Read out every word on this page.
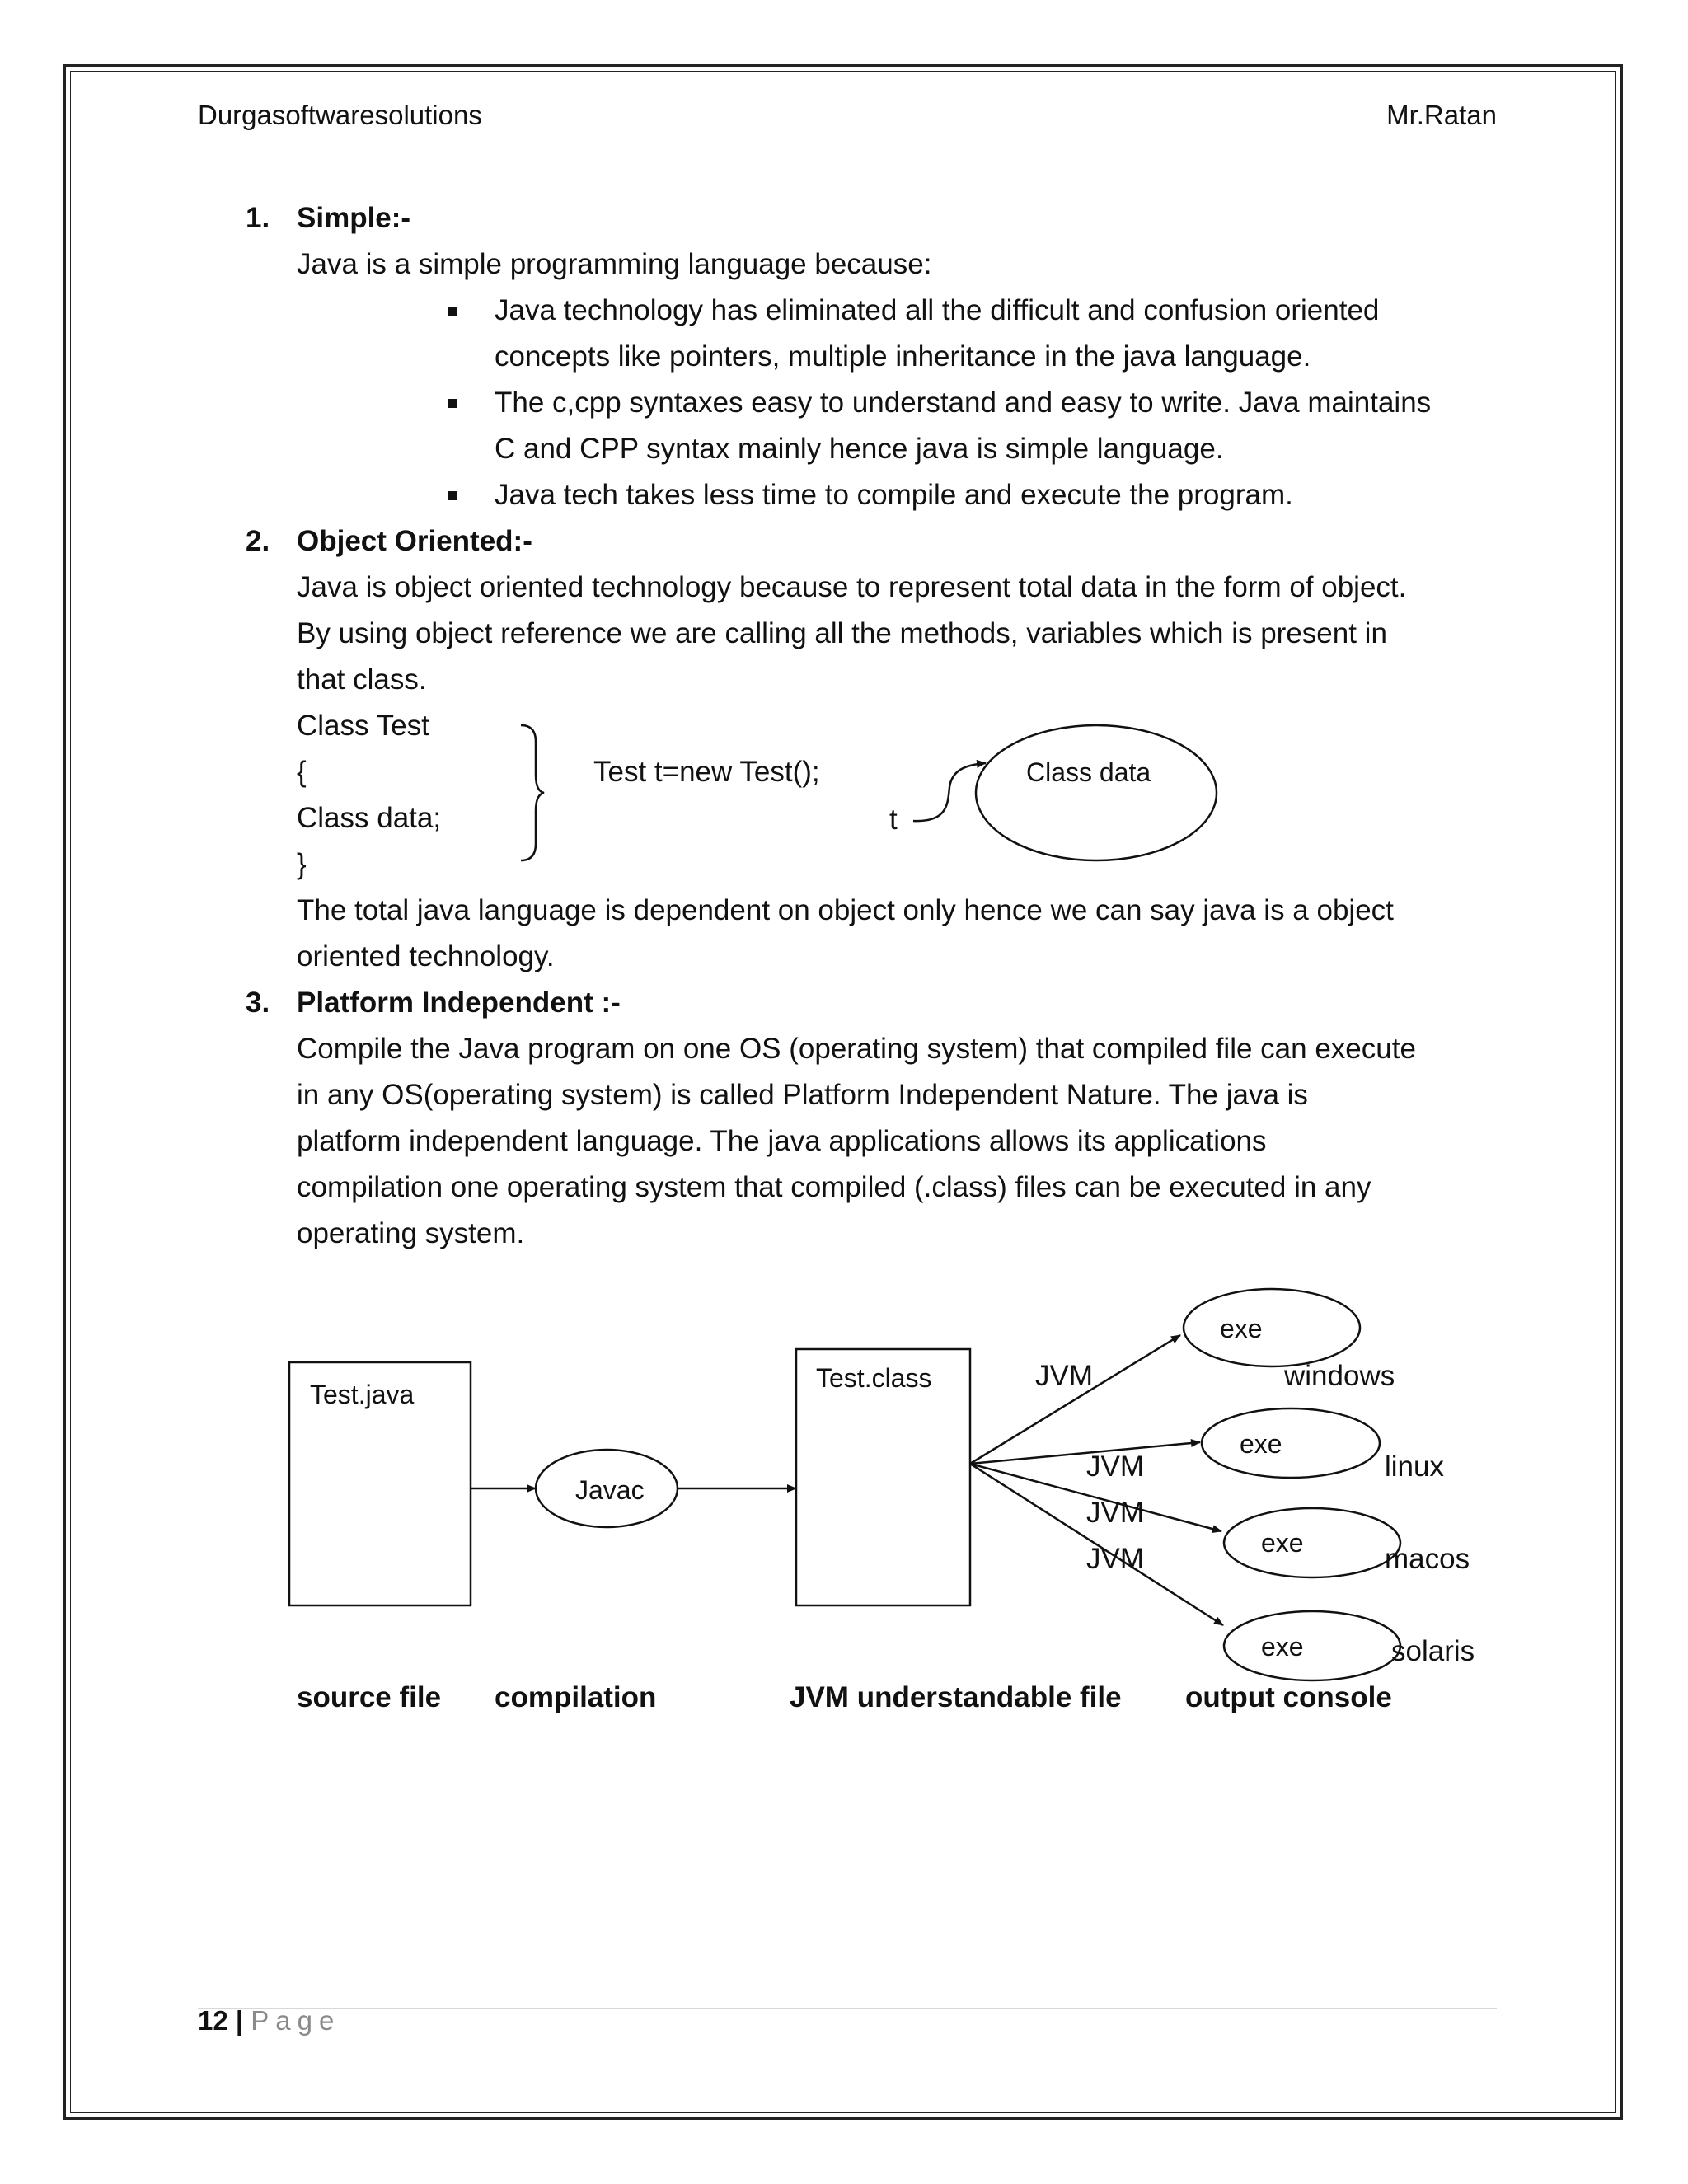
Durgasoftwaresolutions	Mr.Ratan
1. Simple:-
Java is a simple programming language because:
Java technology has eliminated all the difficult and confusion oriented
concepts like pointers, multiple inheritance in the java language.
The c,cpp syntaxes easy to understand and easy to write. Java maintains
C and CPP syntax mainly hence java is simple language.
Java tech takes less time to compile and execute the program.
2. Object Oriented:-
Java is object oriented technology because to represent total data in the form of object.
By using object reference we are calling all the methods, variables which is present in
that class.
Class Test
{
Class data;
}
Test t=new Test();
t
Class data
The total java language is dependent on object only hence we can say java is a object
oriented technology.
3. Platform Independent :-
Compile the Java program on one OS (operating system) that compiled file can execute
in any OS(operating system) is called Platform Independent Nature. The java is
platform independent language. The java applications allows its applications
compilation one operating system that compiled (.class) files can be executed in any
operating system.
Test.java
Javac
Test.class	JVM
JVM
JVM
JVM
exe
exe
exe
exe
windows
linux
macos
solaris
source file compilation	JVM understandable file output console
12 | Page
